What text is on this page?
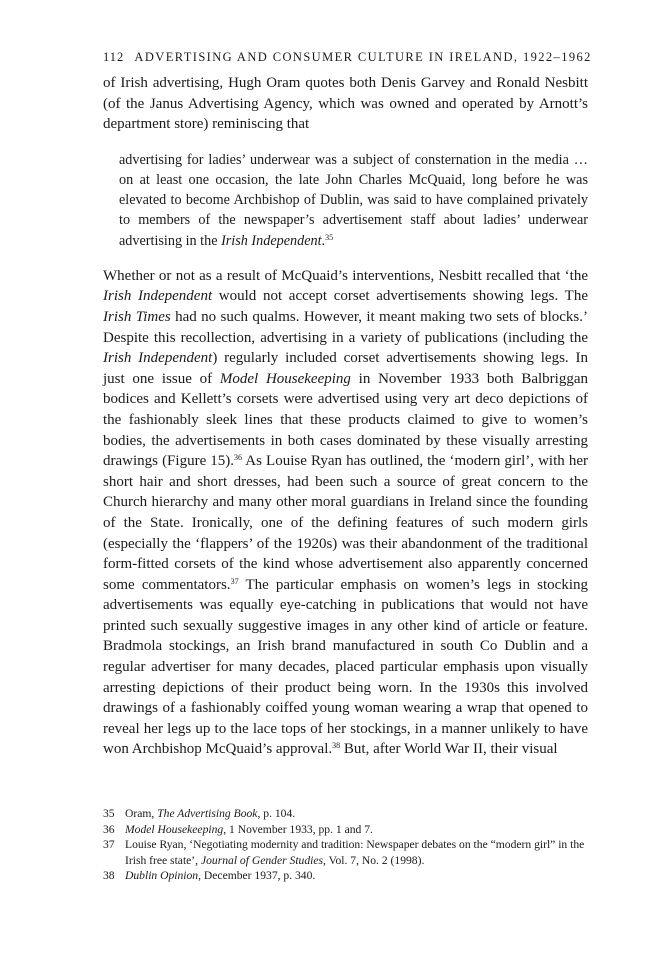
112 ADVERTISING AND CONSUMER CULTURE IN IRELAND, 1922–1962

of Irish advertising, Hugh Oram quotes both Denis Garvey and Ronald Nesbitt (of the Janus Advertising Agency, which was owned and operated by Arnott’s department store) reminiscing that

advertising for ladies’ underwear was a subject of consternation in the media … on at least one occasion, the late John Charles McQuaid, long before he was elevated to become Archbishop of Dublin, was said to have complained privately to members of the newspaper’s advertisement staff about ladies’ underwear advertising in the Irish Independent.$^{35}$

Whether or not as a result of McQuaid’s interventions, Nesbitt recalled that ‘the Irish Independent would not accept corset advertisements showing legs. The Irish Times had no such qualms. However, it meant making two sets of blocks.’ Despite this recollection, advertising in a variety of publications (including the Irish Independent) regularly included corset advertisements showing legs. In just one issue of Model Housekeeping in November 1933 both Balbriggan bodices and Kellett’s corsets were advertised using very art deco depictions of the fashionably sleek lines that these products claimed to give to women’s bodies, the advertisements in both cases dominated by these visually arresting drawings (Figure 15).$^{36}$ As Louise Ryan has outlined, the ‘modern girl’, with her short hair and short dresses, had been such a source of great concern to the Church hierarchy and many other moral guardians in Ireland since the founding of the State. Ironically, one of the defining features of such modern girls (especially the ‘flappers’ of the 1920s) was their abandonment of the traditional form-fitted corsets of the kind whose advertisement also apparently concerned some commentators.$^{37}$ The particular emphasis on women’s legs in stocking advertisements was equally eye-catching in publications that would not have printed such sexually suggestive images in any other kind of article or feature. Bradmola stockings, an Irish brand manufactured in south Co Dublin and a regular advertiser for many decades, placed particular emphasis upon visually arresting depictions of their product being worn. In the 1930s this involved drawings of a fashionably coiffed young woman wearing a wrap that opened to reveal her legs up to the lace tops of her stockings, in a manner unlikely to have won Archbishop McQuaid’s approval.$^{38}$ But, after World War II, their visual

35 Oram, The Advertising Book, p. 104.
36 Model Housekeeping, 1 November 1933, pp. 1 and 7.
37 Louise Ryan, ‘Negotiating modernity and tradition: Newspaper debates on the “modern girl” in the Irish free state’, Journal of Gender Studies, Vol. 7, No. 2 (1998).
38 Dublin Opinion, December 1937, p. 340.
